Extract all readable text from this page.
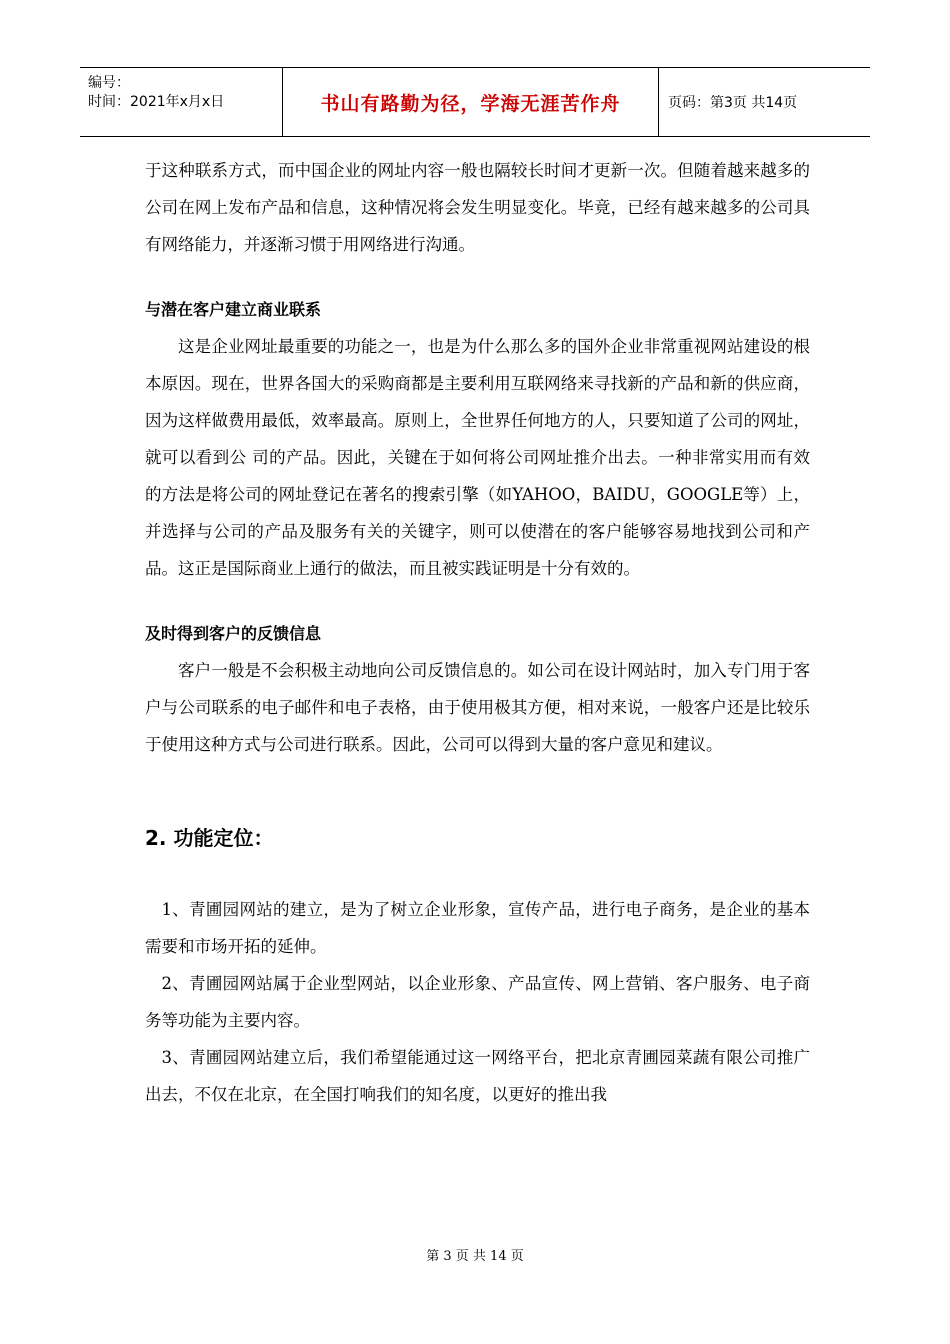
编号：
时间：2021年x月x日	书山有路勤为径，学海无涯苦作舟	页码：第3页 共14页

于这种联系方式，而中国企业的网址内容一般也隔较长时间才更新一次。但随着越来越多的公司在网上发布产品和信息，这种情况将会发生明显变化。毕竟，已经有越来越多的公司具有网络能力，并逐渐习惯于用网络进行沟通。

与潜在客户建立商业联系

这是企业网址最重要的功能之一，也是为什么那么多的国外企业非常重视网站建设的根本原因。现在，世界各国大的采购商都是主要利用互联网络来寻找新的产品和新的供应商，因为这样做费用最低，效率最高。原则上，全世界任何地方的人，只要知道了公司的网址，就可以看到公 司的产品。因此，关键在于如何将公司网址推介出去。一种非常实用而有效的方法是将公司的网址登记在著名的搜索引擎（如YAHOO，BAIDU，GOOGLE等）上，并选择与公司的产品及服务有关的关键字，则可以使潜在的客户能够容易地找到公司和产品。这正是国际商业上通行的做法，而且被实践证明是十分有效的。

及时得到客户的反馈信息

客户一般是不会积极主动地向公司反馈信息的。如公司在设计网站时，加入专门用于客户与公司联系的电子邮件和电子表格，由于使用极其方便，相对来说，一般客户还是比较乐于使用这种方式与公司进行联系。因此，公司可以得到大量的客户意见和建议。

2. 功能定位：

1、青圃园网站的建立，是为了树立企业形象，宣传产品，进行电子商务，是企业的基本需要和市场开拓的延伸。

2、青圃园网站属于企业型网站，以企业形象、产品宣传、网上营销、客户服务、电子商务等功能为主要内容。

3、青圃园网站建立后，我们希望能通过这一网络平台，把北京青圃园菜蔬有限公司推广出去，不仅在北京，在全国打响我们的知名度，以更好的推出我

第 3 页 共 14 页
